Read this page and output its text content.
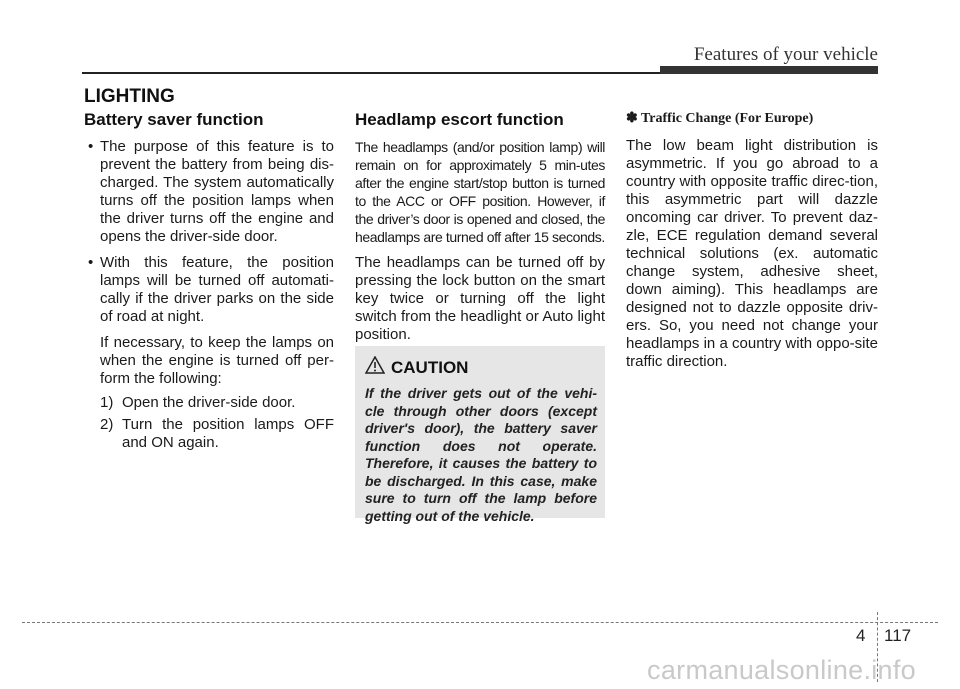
Features of your vehicle
LIGHTING
Battery saver function
• The purpose of this feature is to prevent the battery from being dis-charged. The system automatically turns off the position lamps when the driver turns off the engine and opens the driver-side door.
• With this feature, the position lamps will be turned off automati-cally if the driver parks on the side of road at night.

If necessary, to keep the lamps on when the engine is turned off per-form the following:

1) Open the driver-side door.
2) Turn the position lamps OFF and ON again.
Headlamp escort function

The headlamps (and/or position lamp) will remain on for approximately 5 min-utes after the engine start/stop button is turned to the ACC or OFF position. However, if the driver’s door is opened and closed, the headlamps are turned off after 15 seconds.

The headlamps can be turned off by pressing the lock button on the smart key twice or turning off the light switch from the headlight or Auto light position.

CAUTION
If the driver gets out of the vehi-cle through other doors (except driver's door), the battery saver function does not operate. Therefore, it causes the battery to be discharged. In this case, make sure to turn off the lamp before getting out of the vehicle.
✽ Traffic Change (For Europe)

The low beam light distribution is asymmetric. If you go abroad to a country with opposite traffic direc-tion, this asymmetric part will dazzle oncoming car driver. To prevent daz-zle, ECE regulation demand several technical solutions (ex. automatic change system, adhesive sheet, down aiming). This headlamps are designed not to dazzle opposite driv-ers. So, you need not change your headlamps in a country with oppo-site traffic direction.

4 117
carmanualsonline.info
